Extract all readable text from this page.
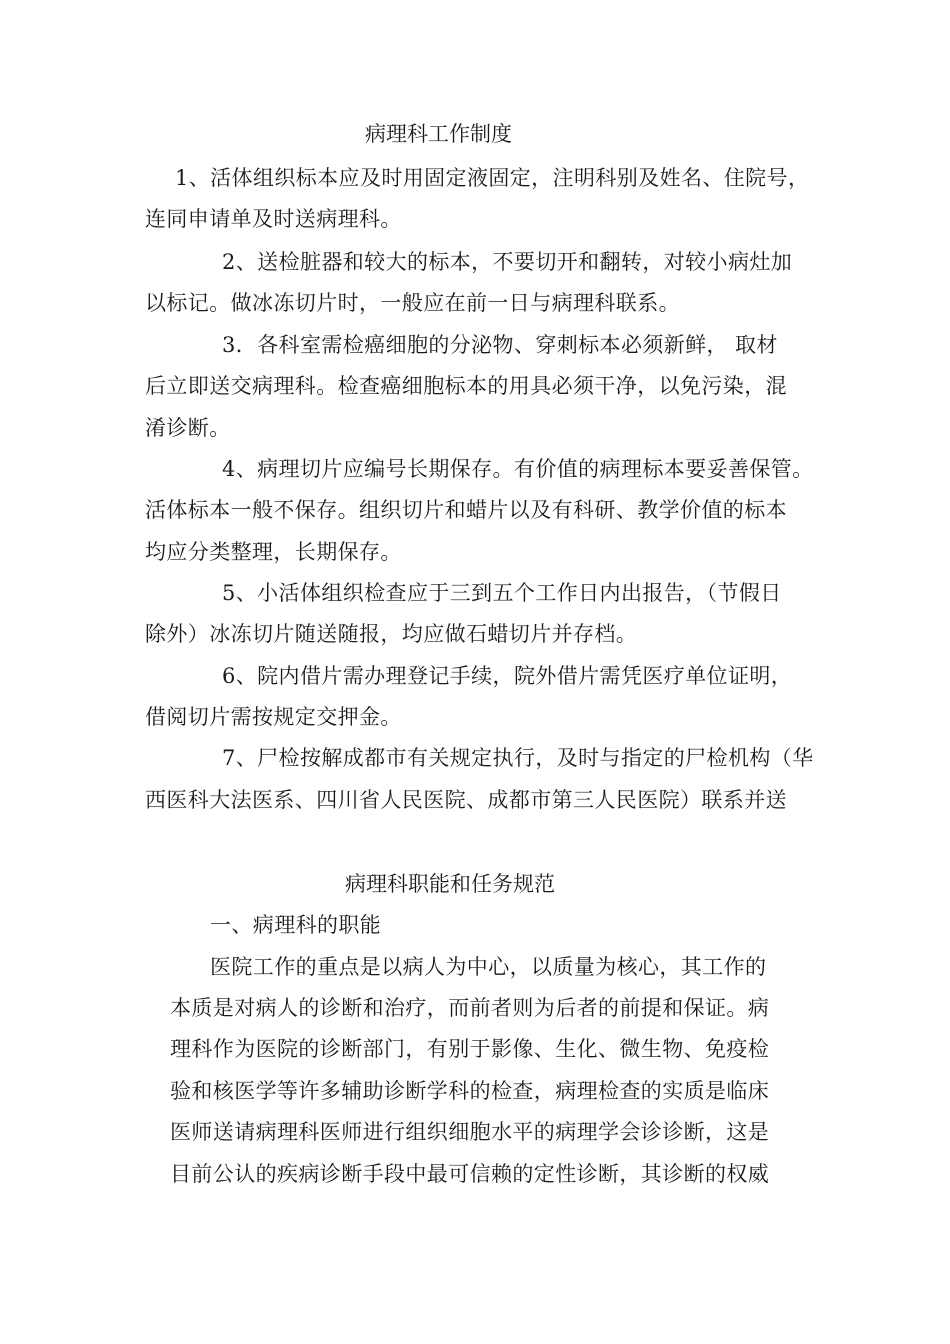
病理科工作制度
1、活体组织标本应及时用固定液固定，注明科别及姓名、住院号，
连同申请单及时送病理科。
2、送检脏器和较大的标本，不要切开和翻转，对较小病灶加
以标记。做冰冻切片时，一般应在前一日与病理科联系。
3．各科室需检癌细胞的分泌物、穿刺标本必须新鲜， 取材
后立即送交病理科。检查癌细胞标本的用具必须干净，以免污染，混
淆诊断。
4、病理切片应编号长期保存。有价值的病理标本要妥善保管。
活体标本一般不保存。组织切片和蜡片以及有科研、教学价值的标本
均应分类整理，长期保存。
5、小活体组织检查应于三到五个工作日内出报告，（节假日
除外）冰冻切片随送随报，均应做石蜡切片并存档。
6、院内借片需办理登记手续，院外借片需凭医疗单位证明，
借阅切片需按规定交押金。
7、尸检按解成都市有关规定执行，及时与指定的尸检机构（华
西医科大法医系、四川省人民医院、成都市第三人民医院）联系并送
病理科职能和任务规范
一、病理科的职能
医院工作的重点是以病人为中心，以质量为核心，其工作的
本质是对病人的诊断和治疗，而前者则为后者的前提和保证。病
理科作为医院的诊断部门，有别于影像、生化、微生物、免疫检
验和核医学等许多辅助诊断学科的检查，病理检查的实质是临床
医师送请病理科医师进行组织细胞水平的病理学会诊诊断，这是
目前公认的疾病诊断手段中最可信赖的定性诊断，其诊断的权威
